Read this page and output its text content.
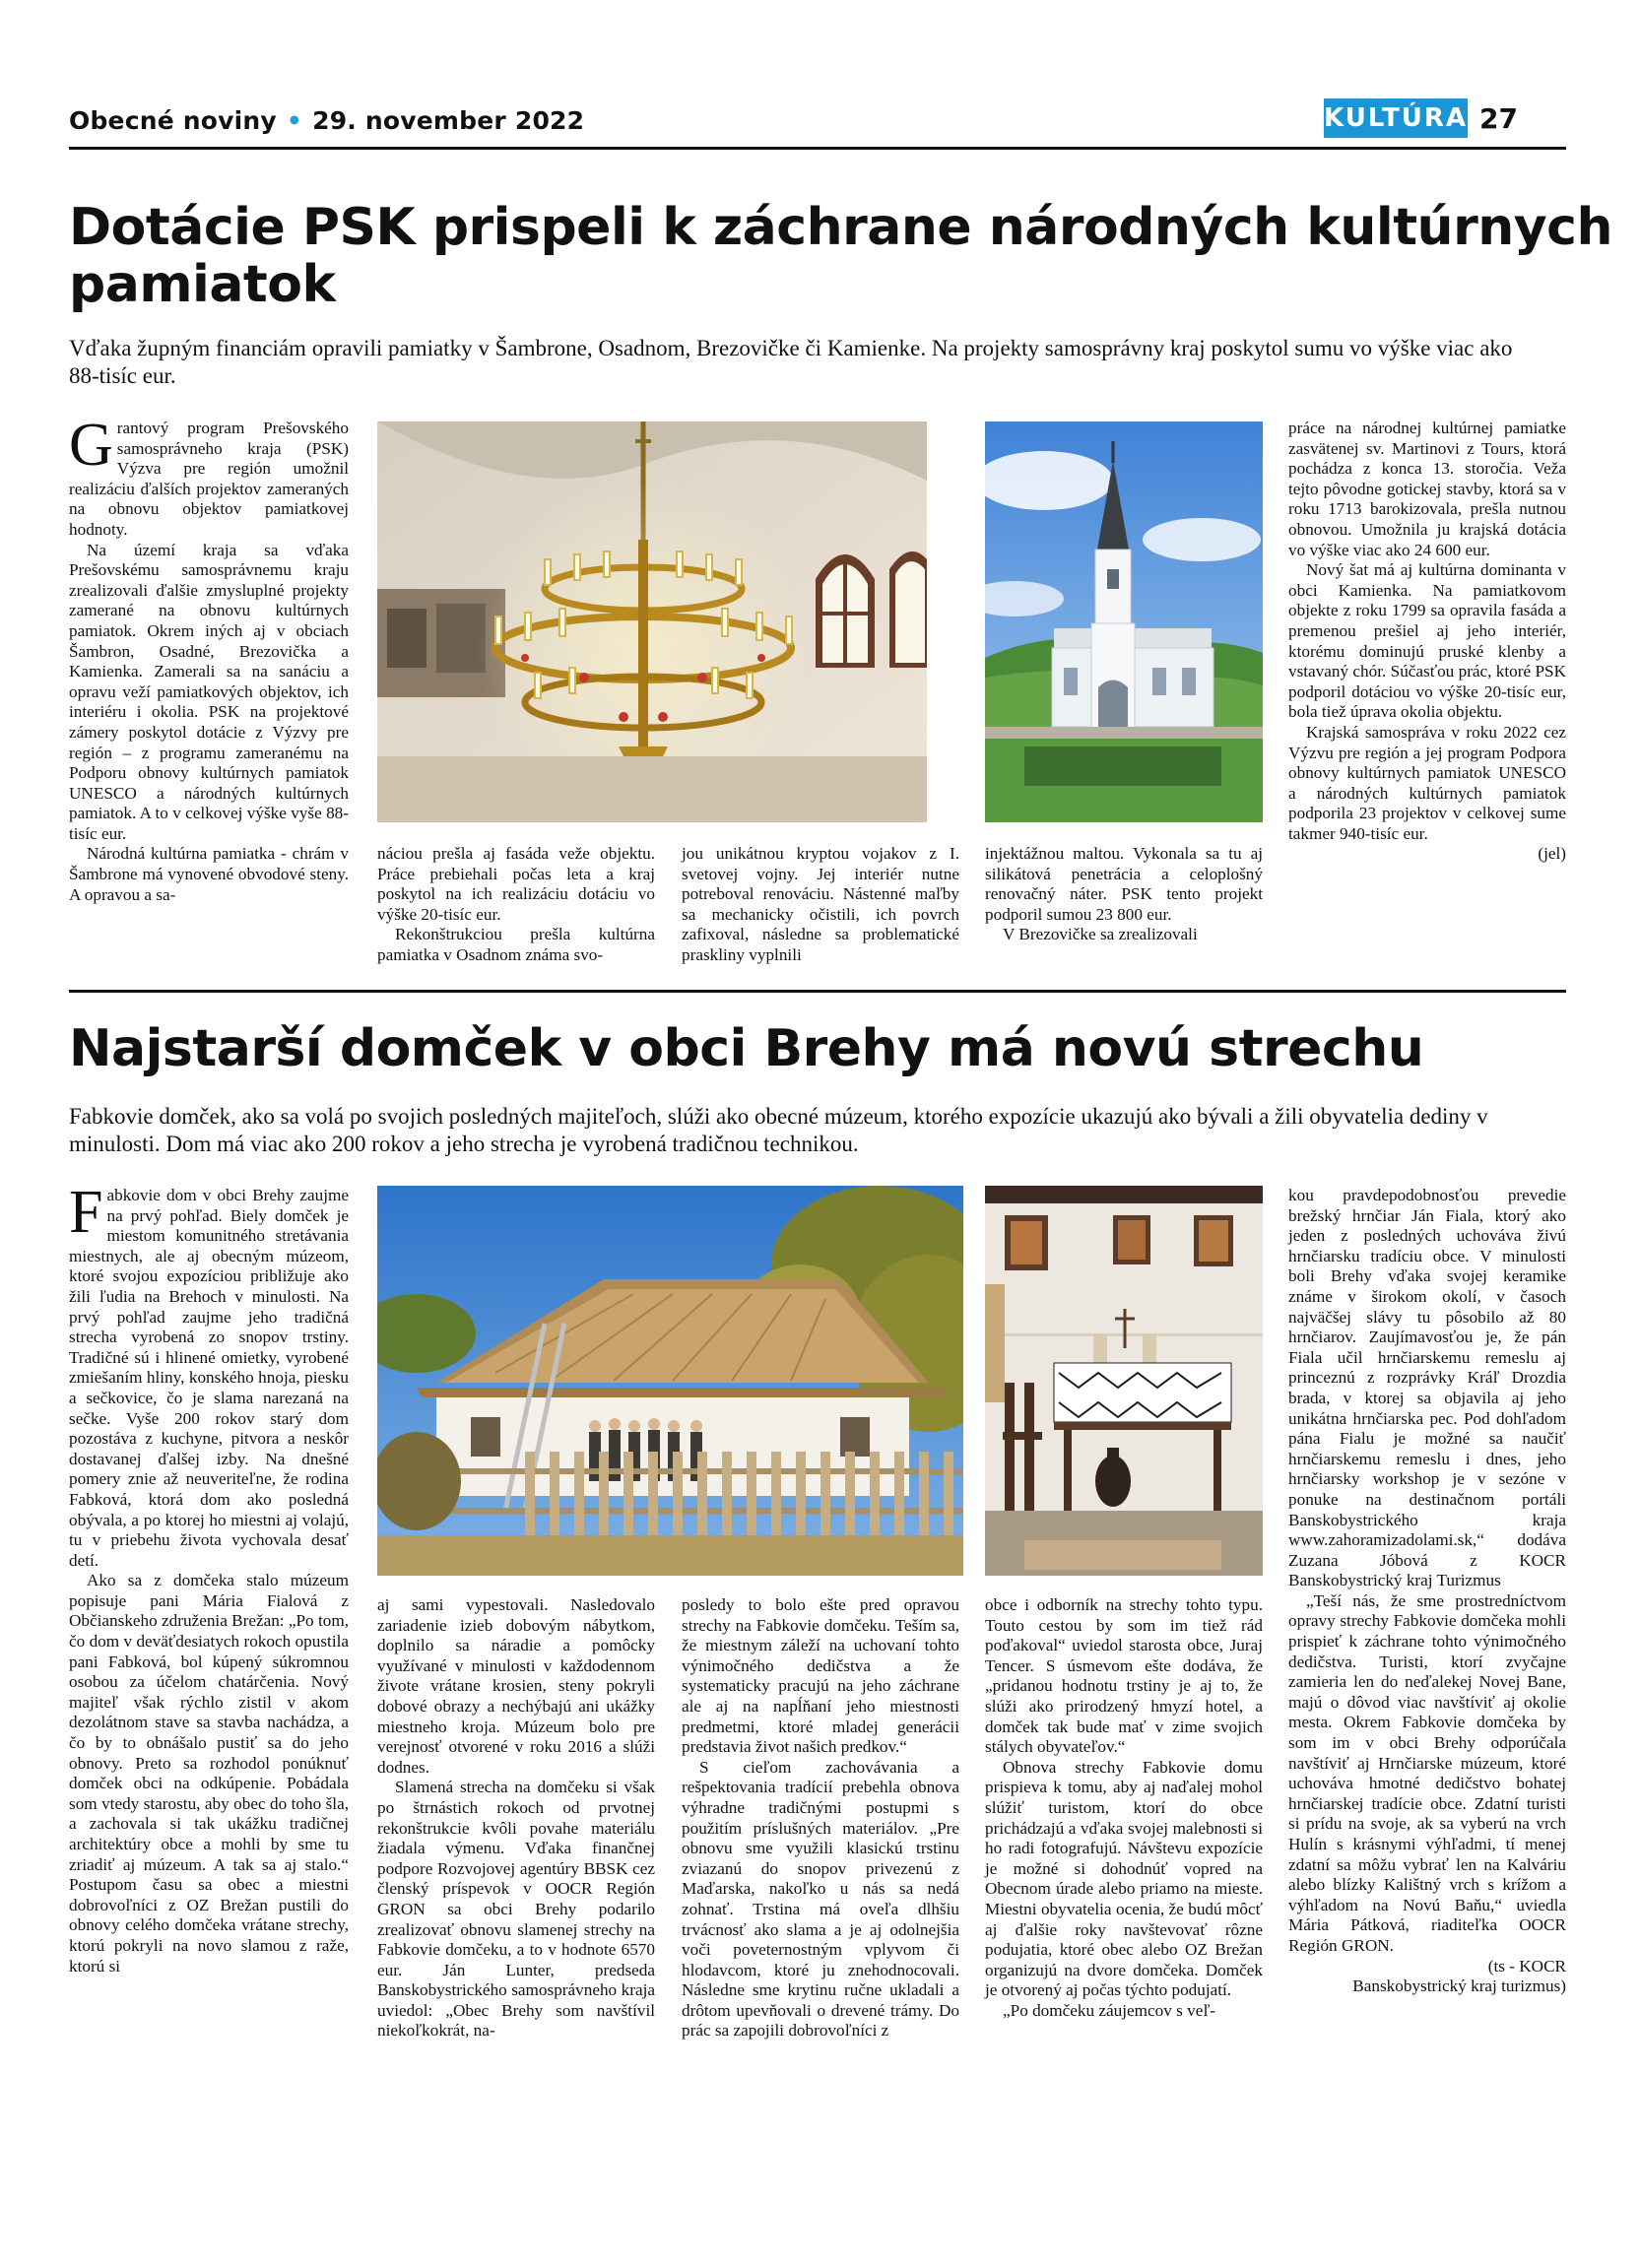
Obecné noviny • 29. november 2022	KULTÚRA 27
Dotácie PSK prispeli k záchrane národných kultúrnych
pamiatok

Vďaka župným financiám opravili pamiatky v Šambrone, Osadnom, Brezovičke či Kamienke. Na projekty samosprávny kraj poskytol sumu vo výške viac ako 88-tisíc eur.

Grantový program Prešovského samosprávneho kraja (PSK) Výzva pre región umožnil realizáciu ďalších projektov zameraných na obnovu objektov pamiatkovej hodnoty.

Na území kraja sa vďaka Prešovskému samosprávnemu kraju zrealizovali ďalšie zmysluplné projekty zamerané na obnovu kultúrnych pamiatok. Okrem iných aj v obciach Šambron, Osadné, Brezovička a Kamienka. Zamerali sa na sanáciu a opravu veží pamiatkových objektov, ich interiéru i okolia. PSK na projektové zámery poskytol dotácie z Výzvy pre región – z programu zameranému na Podporu obnovy kultúrnych pamiatok UNESCO a národných kultúrnych pamiatok. A to v celkovej výške vyše 88-tisíc eur.

Národná kultúrna pamiatka - chrám v Šambrone má vynovené obvodové steny. A opravou a sa-

náciou prešla aj fasáda veže objektu. Práce prebiehali počas leta a kraj poskytol na ich realizáciu dotáciu vo výške 20-tisíc eur.

Rekonštrukciou prešla kultúrna pamiatka v Osadnom známa svo-

jou unikátnou kryptou vojakov z I. svetovej vojny. Jej interiér nutne potreboval renováciu. Nástenné maľby sa mechanicky očistili, ich povrch zafixoval, následne sa problematické praskliny vyplnili

injektážnou maltou. Vykonala sa tu aj silikátová penetrácia a celoplošný renovačný náter. PSK tento projekt podporil sumou 23 800 eur.

V Brezovičke sa zrealizovali

práce na národnej kultúrnej pamiatke zasvätenej sv. Martinovi z Tours, ktorá pochádza z konca 13. storočia. Veža tejto pôvodne gotickej stavby, ktorá sa v roku 1713 barokizovala, prešla nutnou obnovou. Umožnila ju krajská dotácia vo výške viac ako 24 600 eur.

Nový šat má aj kultúrna dominanta v obci Kamienka. Na pamiatkovom objekte z roku 1799 sa opravila fasáda a premenou prešiel aj jeho interiér, ktorému dominujú pruské klenby a vstavaný chór. Súčasťou prác, ktoré PSK podporil dotáciou vo výške 20-tisíc eur, bola tiež úprava okolia objektu.

Krajská samospráva v roku 2022 cez Výzvu pre región a jej program Podpora obnovy kultúrnych pamiatok UNESCO a národných kultúrnych pamiatok podporila 23 projektov v celkovej sume takmer 940-tisíc eur.

(jel)

Najstarší domček v obci Brehy má novú strechu

Fabkovie domček, ako sa volá po svojich posledných majiteľoch, slúži ako obecné múzeum, ktorého expozície ukazujú ako bývali a žili obyvatelia dediny v minulosti. Dom má viac ako 200 rokov a jeho strecha je vyrobená tradičnou technikou.

Fabkovie dom v obci Brehy zaujme na prvý pohľad. Biely domček je miestom komunitného stretávania miestnych, ale aj obecným múzeom, ktoré svojou expozíciou približuje ako žili ľudia na Brehoch v minulosti. Na prvý pohľad zaujme jeho tradičná strecha vyrobená zo snopov trstiny. Tradičné sú i hlinené omietky, vyrobené zmiešaním hliny, konského hnoja, piesku a sečkovice, čo je slama narezaná na sečke. Vyše 200 rokov starý dom pozostáva z kuchyne, pitvora a neskôr dostavanej ďalšej izby. Na dnešné pomery znie až neuveriteľne, že rodina Fabková, ktorá dom ako posledná obývala, a po ktorej ho miestni aj volajú, tu v priebehu života vychovala desať detí.

Ako sa z domčeka stalo múzeum popisuje pani Mária Fialová z Občianskeho združenia Brežan: „Po tom, čo dom v deväťdesiatych rokoch opustila pani Fabková, bol kúpený súkromnou osobou za účelom chatárčenia. Nový majiteľ však rýchlo zistil v akom dezolátnom stave sa stavba nachádza, a čo by to obnášalo pustiť sa do jeho obnovy. Preto sa rozhodol ponúknuť domček obci na odkúpenie. Pobádala som vtedy starostu, aby obec do toho šla, a zachovala si tak ukážku tradičnej architektúry obce a mohli by sme tu zriadiť aj múzeum. A tak sa aj stalo.“ Postupom času sa obec a miestni dobrovoľníci z OZ Brežan pustili do obnovy celého domčeka vrátane strechy, ktorú pokryli na novo slamou z raže, ktorú si

aj sami vypestovali. Nasledovalo zariadenie izieb dobovým nábytkom, doplnilo sa náradie a pomôcky využívané v minulosti v každodennom živote vrátane krosien, steny pokryli dobové obrazy a nechýbajú ani ukážky miestneho kroja. Múzeum bolo pre verejnosť otvorené v roku 2016 a slúži dodnes.

Slamená strecha na domčeku si však po štrnástich rokoch od prvotnej rekonštrukcie kvôli povahe materiálu žiadala výmenu. Vďaka finančnej podpore Rozvojovej agentúry BBSK cez členský príspevok v OOCR Región GRON sa obci Brehy podarilo zrealizovať obnovu slamenej strechy na Fabkovie domčeku, a to v hodnote 6570 eur. Ján Lunter, predseda Banskobystrického samosprávneho kraja uviedol: „Obec Brehy som navštívil niekoľkokrát, na-

posledy to bolo ešte pred opravou strechy na Fabkovie domčeku. Teším sa, že miestnym záleží na uchovaní tohto výnimočného dedičstva a že systematicky pracujú na jeho záchrane ale aj na napĺňaní jeho miestnosti predmetmi, ktoré mladej generácii predstavia život našich predkov.“

S cieľom zachovávania a rešpektovania tradícií prebehla obnova výhradne tradičnými postupmi s použitím príslušných materiálov. „Pre obnovu sme využili klasickú trstinu zviazanú do snopov privezenú z Maďarska, nakoľko u nás sa nedá zohnať. Trstina má oveľa dlhšiu trvácnosť ako slama a je aj odolnejšia voči poveternostným vplyvom či hlodavcom, ktoré ju znehodnocovali. Následne sme krytinu ručne ukladali a drôtom upevňovali o drevené trámy. Do prác sa zapojili dobrovoľníci z

obce i odborník na strechy tohto typu. Touto cestou by som im tiež rád poďakoval“ uviedol starosta obce, Juraj Tencer. S úsmevom ešte dodáva, že „pridanou hodnotu trstiny je aj to, že slúži ako prirodzený hmyzí hotel, a domček tak bude mať v zime svojich stálych obyvateľov.“

Obnova strechy Fabkovie domu prispieva k tomu, aby aj naďalej mohol slúžiť turistom, ktorí do obce prichádzajú a vďaka svojej malebnosti si ho radi fotografujú. Návštevu expozície je možné si dohodnúť vopred na Obecnom úrade alebo priamo na mieste. Miestni obyvatelia ocenia, že budú môcť aj ďalšie roky navštevovať rôzne podujatia, ktoré obec alebo OZ Brežan organizujú na dvore domčeka. Domček je otvorený aj počas týchto podujatí.

„Po domčeku záujemcov s veľ-

kou pravdepodobnosťou prevedie brežský hrnčiar Ján Fiala, ktorý ako jeden z posledných uchováva živú hrnčiarsku tradíciu obce. V minulosti boli Brehy vďaka svojej keramike známe v širokom okolí, v časoch najväčšej slávy tu pôsobilo až 80 hrnčiarov. Zaujímavosťou je, že pán Fiala učil hrnčiarskemu remeslu aj princeznú z rozprávky Kráľ Drozdia brada, v ktorej sa objavila aj jeho unikátna hrnčiarska pec. Pod dohľadom pána Fialu je možné sa naučiť hrnčiarskemu remeslu i dnes, jeho hrnčiarsky workshop je v sezóne v ponuke na destinačnom portáli Banskobystrického kraja www.zahoramizadolami.sk,“ dodáva Zuzana Jóbová z KOCR Banskobystrický kraj Turizmus

„Teší nás, že sme prostredníctvom opravy strechy Fabkovie domčeka mohli prispieť k záchrane tohto výnimočného dedičstva. Turisti, ktorí zvyčajne zamieria len do neďalekej Novej Bane, majú o dôvod viac navštíviť aj okolie mesta. Okrem Fabkovie domčeka by som im v obci Brehy odporúčala navštíviť aj Hrnčiarske múzeum, ktoré uchováva hmotné dedičstvo bohatej hrnčiarskej tradície obce. Zdatní turisti si prídu na svoje, ak sa vyberú na vrch Hulín s krásnymi výhľadmi, tí menej zdatní sa môžu vybrať len na Kalváriu alebo blízky Kalištný vrch s krížom a výhľadom na Novú Baňu,“ uviedla Mária Pátková, riaditeľka OOCR Región GRON.

(ts - KOCR

Banskobystrický kraj turizmus)
